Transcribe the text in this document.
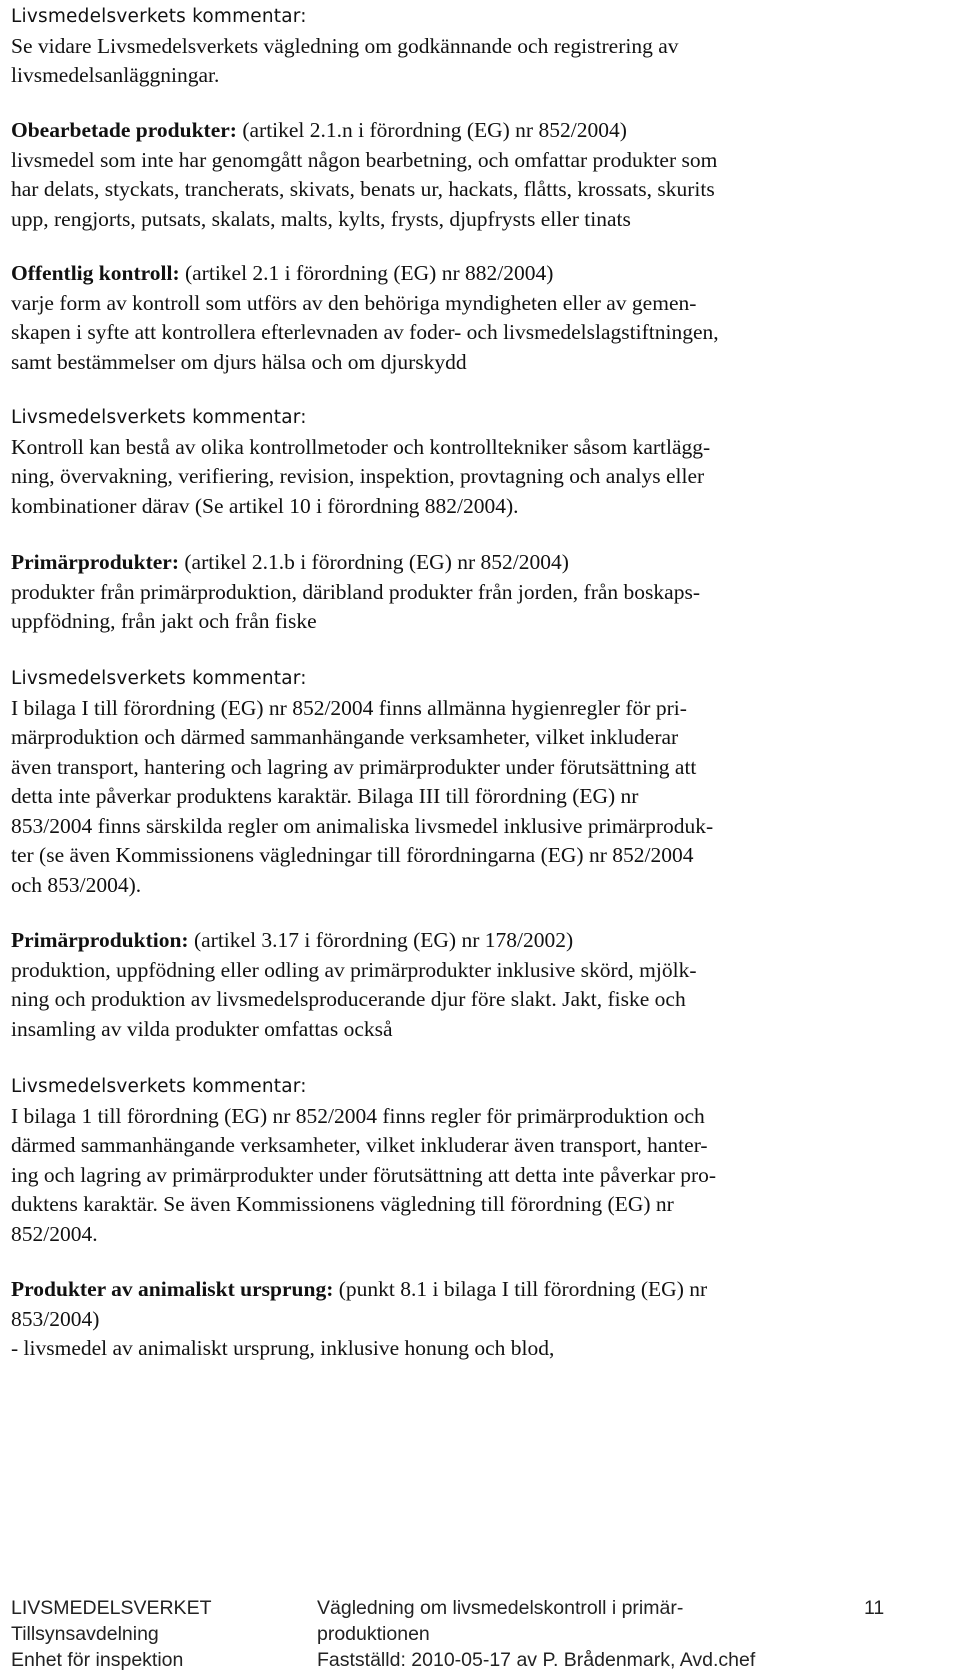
Livsmedelsverkets kommentar:
Se vidare Livsmedelsverkets vägledning om godkännande och registrering av
livsmedelsanläggningar.
Obearbetade produkter: (artikel 2.1.n i förordning (EG) nr 852/2004)
livsmedel som inte har genomgått någon bearbetning, och omfattar produkter som
har delats, styckats, trancherats, skivats, benats ur, hackats, flåtts, krossats, skurits
upp, rengjorts, putsats, skalats, malts, kylts, frysts, djupfrysts eller tinats
Offentlig kontroll: (artikel 2.1 i förordning (EG) nr 882/2004)
varje form av kontroll som utförs av den behöriga myndigheten eller av gemen-
skapen i syfte att kontrollera efterlevnaden av foder- och livsmedelslagstiftningen,
samt bestämmelser om djurs hälsa och om djurskydd
Livsmedelsverkets kommentar:
Kontroll kan bestå av olika kontrollmetoder och kontrolltekniker såsom kartlägg-
ning, övervakning, verifiering, revision, inspektion, provtagning och analys eller
kombinationer därav (Se artikel 10 i förordning 882/2004).
Primärprodukter: (artikel 2.1.b i förordning (EG) nr 852/2004)
produkter från primärproduktion, däribland produkter från jorden, från boskaps-
uppfödning, från jakt och från fiske
Livsmedelsverkets kommentar:
I bilaga I till förordning (EG) nr 852/2004 finns allmänna hygienregler för pri-
märproduktion och därmed sammanhängande verksamheter, vilket inkluderar
även transport, hantering och lagring av primärprodukter under förutsättning att
detta inte påverkar produktens karaktär. Bilaga III till förordning (EG) nr
853/2004 finns särskilda regler om animaliska livsmedel inklusive primärproduk-
ter (se även Kommissionens vägledningar till förordningarna (EG) nr 852/2004
och 853/2004).
Primärproduktion: (artikel 3.17 i förordning (EG) nr 178/2002)
produktion, uppfödning eller odling av primärprodukter inklusive skörd, mjölk-
ning och produktion av livsmedelsproducerande djur före slakt. Jakt, fiske och
insamling av vilda produkter omfattas också
Livsmedelsverkets kommentar:
I bilaga 1 till förordning (EG) nr 852/2004 finns regler för primärproduktion och
därmed sammanhängande verksamheter, vilket inkluderar även transport, hanter-
ing och lagring av primärprodukter under förutsättning att detta inte påverkar pro-
duktens karaktär. Se även Kommissionens vägledning till förordning (EG) nr
852/2004.
Produkter av animaliskt ursprung: (punkt 8.1 i bilaga I till förordning (EG) nr
853/2004)
- livsmedel av animaliskt ursprung, inklusive honung och blod,
LIVSMEDELSVERKET
Tillsynsavdelning
Enhet för inspektion
Vägledning om livsmedelskontroll i primär-
produktionen
Fastställd: 2010-05-17 av P. Brådenmark, Avd.chef
11
